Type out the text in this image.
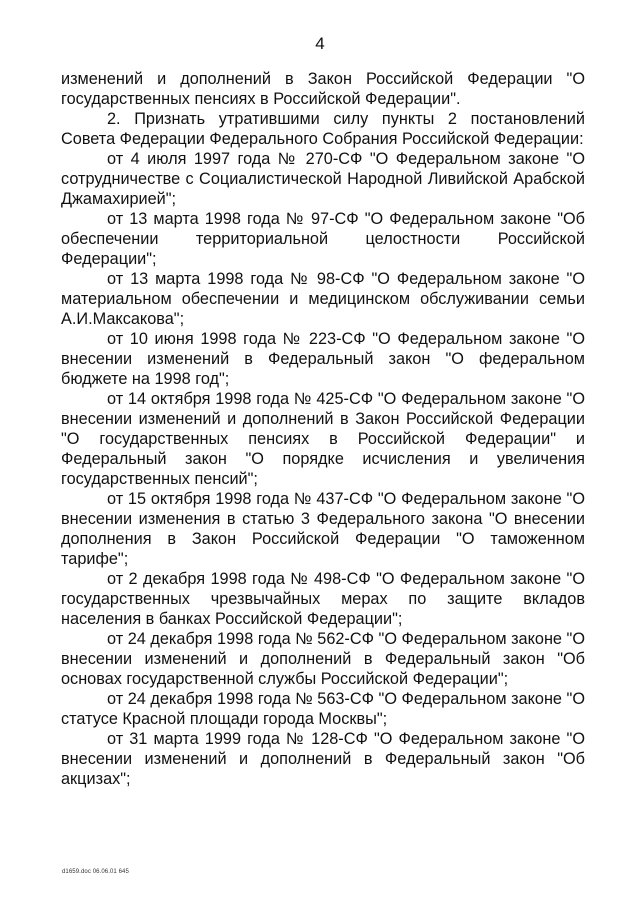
4

изменений и дополнений в Закон Российской Федерации "О государственных пенсиях в Российской Федерации".

2. Признать утратившими силу пункты 2 постановлений Совета Федерации Федерального Собрания Российской Федерации:

от 4 июля 1997 года № 270-СФ "О Федеральном законе "О сотрудничестве с Социалистической Народной Ливийской Арабской Джамахирией";

от 13 марта 1998 года № 97-СФ "О Федеральном законе "Об обеспечении территориальной целостности Российской Федерации";

от 13 марта 1998 года № 98-СФ "О Федеральном законе "О материальном обеспечении и медицинском обслуживании семьи А.И.Максакова";

от 10 июня 1998 года № 223-СФ "О Федеральном законе "О внесении изменений в Федеральный закон "О федеральном бюджете на 1998 год";

от 14 октября 1998 года № 425-СФ "О Федеральном законе "О внесении изменений и дополнений в Закон Российской Федерации "О государственных пенсиях в Российской Федерации" и Федеральный закон "О порядке исчисления и увеличения государственных пенсий";

от 15 октября 1998 года № 437-СФ "О Федеральном законе "О внесении изменения в статью 3 Федерального закона "О внесении дополнения в Закон Российской Федерации "О таможенном тарифе";

от 2 декабря 1998 года № 498-СФ "О Федеральном законе "О государственных чрезвычайных мерах по защите вкладов населения в банках Российской Федерации";

от 24 декабря 1998 года № 562-СФ "О Федеральном законе "О внесении изменений и дополнений в Федеральный закон "Об основах государственной службы Российской Федерации";

от 24 декабря 1998 года № 563-СФ "О Федеральном законе "О статусе Красной площади города Москвы";

от 31 марта 1999 года № 128-СФ "О Федеральном законе "О внесении изменений и дополнений в Федеральный закон "Об акцизах";

d1659.doc 06.06.01 645
